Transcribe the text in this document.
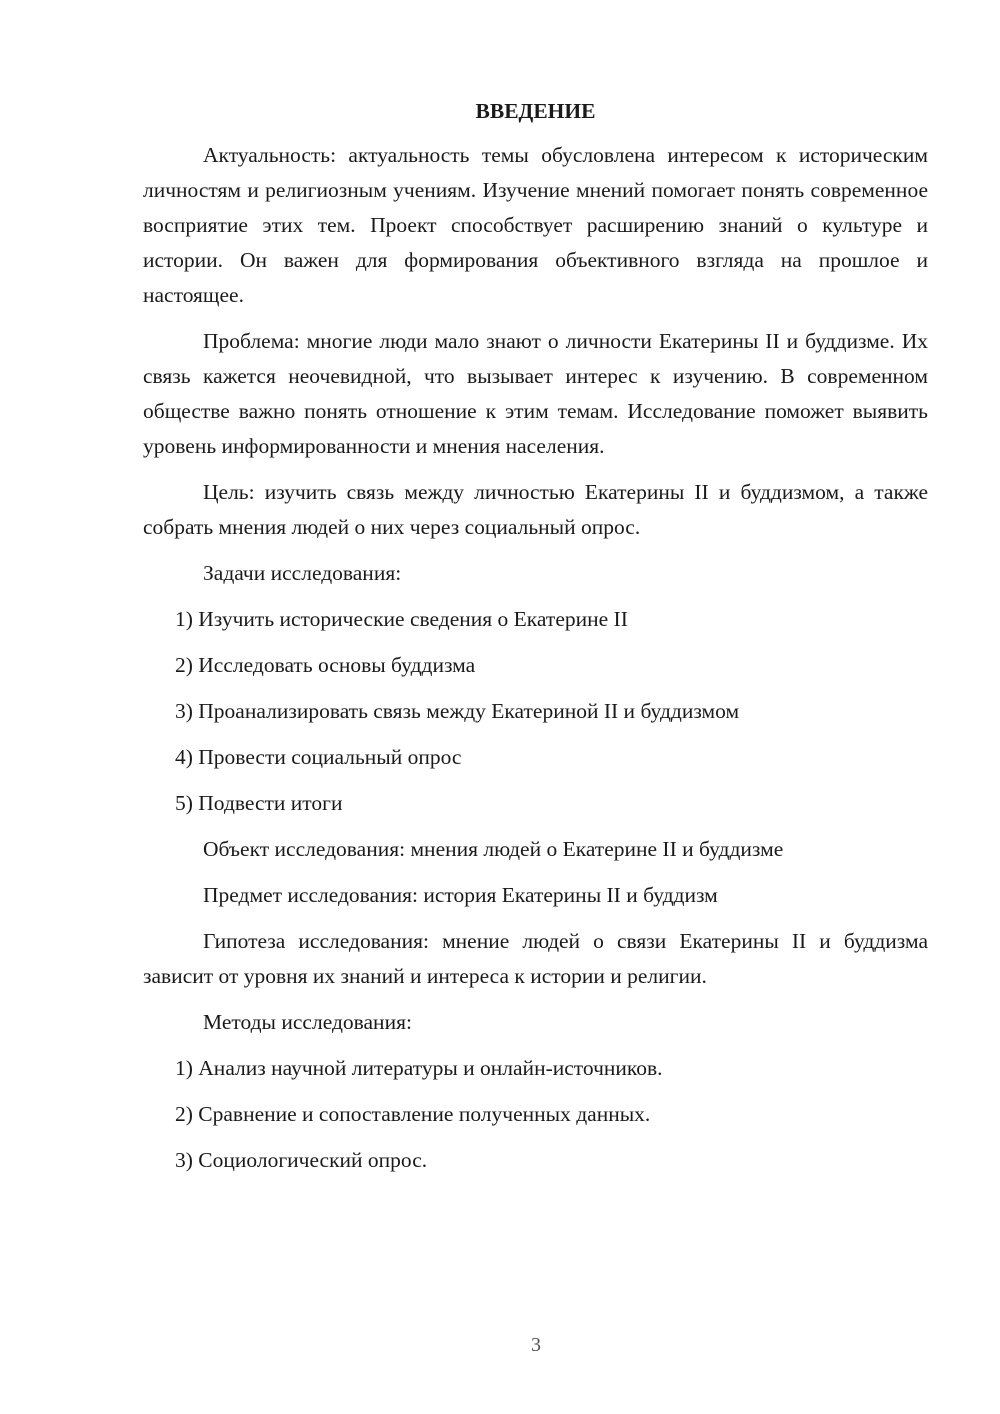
ВВЕДЕНИЕ

Актуальность: актуальность темы обусловлена интересом к историческим личностям и религиозным учениям. Изучение мнений помогает понять современное восприятие этих тем. Проект способствует расширению знаний о культуре и истории. Он важен для формирования объективного взгляда на прошлое и настоящее.

Проблема: многие люди мало знают о личности Екатерины II и буддизме. Их связь кажется неочевидной, что вызывает интерес к изучению. В современном обществе важно понять отношение к этим темам. Исследование поможет выявить уровень информированности и мнения населения.

Цель: изучить связь между личностью Екатерины II и буддизмом, а также собрать мнения людей о них через социальный опрос.

Задачи исследования:
1) Изучить исторические сведения о Екатерине II
2) Исследовать основы буддизма
3) Проанализировать связь между Екатериной II и буддизмом
4) Провести социальный опрос
5) Подвести итоги
Объект исследования: мнения людей о Екатерине II и буддизме
Предмет исследования: история Екатерины II и буддизм

Гипотеза исследования: мнение людей о связи Екатерины II и буддизма зависит от уровня их знаний и интереса к истории и религии.

Методы исследования:
1) Анализ научной литературы и онлайн-источников.
2) Сравнение и сопоставление полученных данных.
3) Социологический опрос.
3
